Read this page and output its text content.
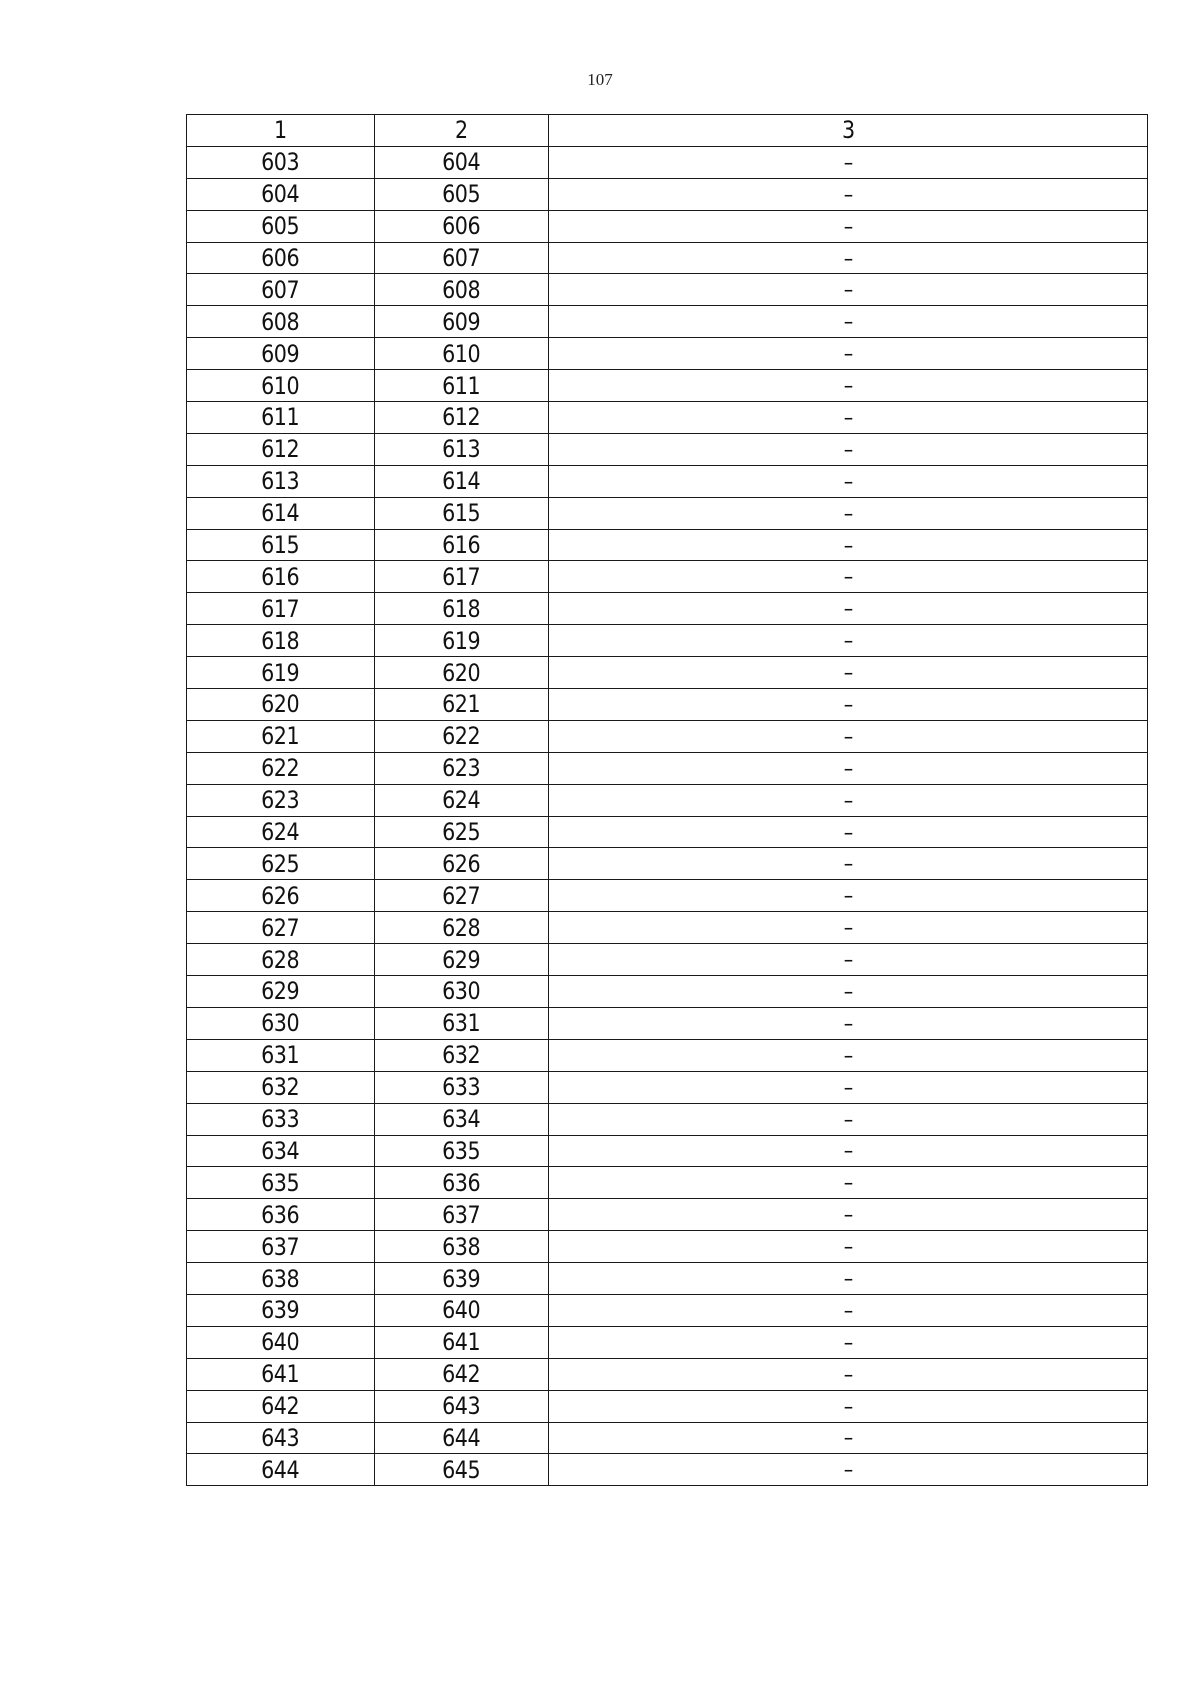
107
1	2	3
603	604	–
604	605	–
605	606	–
606	607	–
607	608	–
608	609	–
609	610	–
610	611	–
611	612	–
612	613	–
613	614	–
614	615	–
615	616	–
616	617	–
617	618	–
618	619	–
619	620	–
620	621	–
621	622	–
622	623	–
623	624	–
624	625	–
625	626	–
626	627	–
627	628	–
628	629	–
629	630	–
630	631	–
631	632	–
632	633	–
633	634	–
634	635	–
635	636	–
636	637	–
637	638	–
638	639	–
639	640	–
640	641	–
641	642	–
642	643	–
643	644	–
644	645	–
